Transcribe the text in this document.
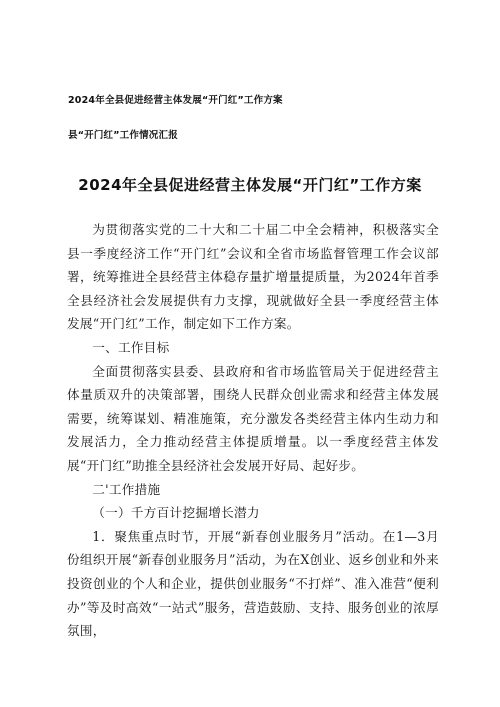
2024年全县促进经营主体发展“开门红”工作方案
县“开门红”工作情况汇报
2024年全县促进经营主体发展“开门红”工作方案

为贯彻落实党的二十大和二十届二中全会精神，积极落实全县一季度经济工作“开门红”会议和全省市场监督管理工作会议部署，统筹推进全县经营主体稳存量扩增量提质量，为2024年首季全县经济社会发展提供有力支撑，现就做好全县一季度经营主体发展“开门红”工作，制定如下工作方案。

一、工作目标

全面贯彻落实县委、县政府和省市场监管局关于促进经营主体量质双升的决策部署，围绕人民群众创业需求和经营主体发展需要，统筹谋划、精准施策，充分激发各类经营主体内生动力和发展活力，全力推动经营主体提质增量。以一季度经营主体发展“开门红”助推全县经济社会发展开好局、起好步。

二'工作措施

（一）千方百计挖掘增长潜力

1．聚焦重点时节，开展“新春创业服务月”活动。在1—3月份组织开展“新春创业服务月”活动，为在X创业、返乡创业和外来投资创业的个人和企业，提供创业服务“不打烊”、准入准营“便利办”等及时高效“一站式”服务，营造鼓励、支持、服务创业的浓厚氛围，
